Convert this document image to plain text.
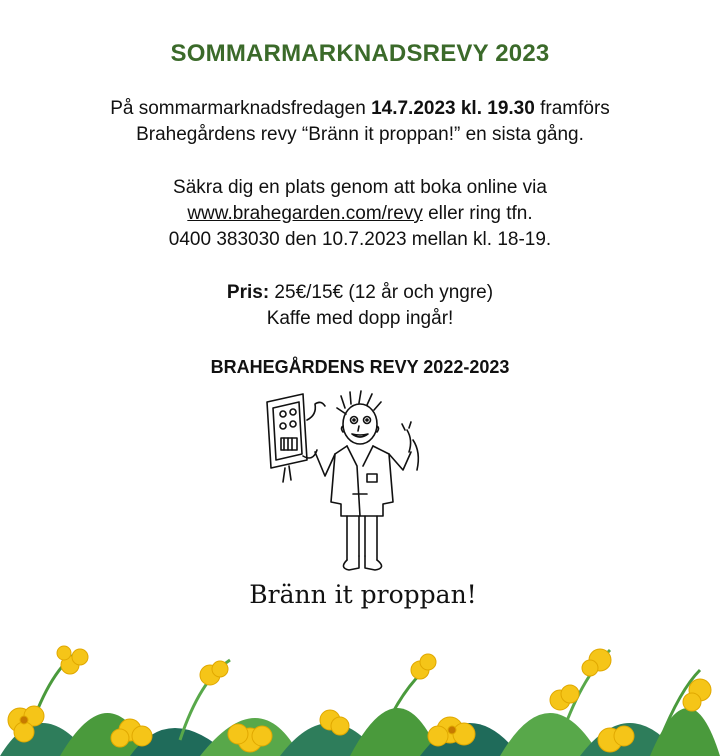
SOMMARMARKNADSREVY 2023
På sommarmarknadsfredagen 14.7.2023 kl. 19.30 framförs
Brahegårdens revy “Bränn it proppan!” en sista gång.
Säkra dig en plats genom att boka online via
www.brahegarden.com/revy eller ring tfn.
0400 383030 den 10.7.2023 mellan kl. 18-19.
Pris: 25€/15€ (12 år och yngre)
Kaffe med dopp ingår!
BRAHEGÅRDENS REVY 2022-2023
Bränn it proppan!
